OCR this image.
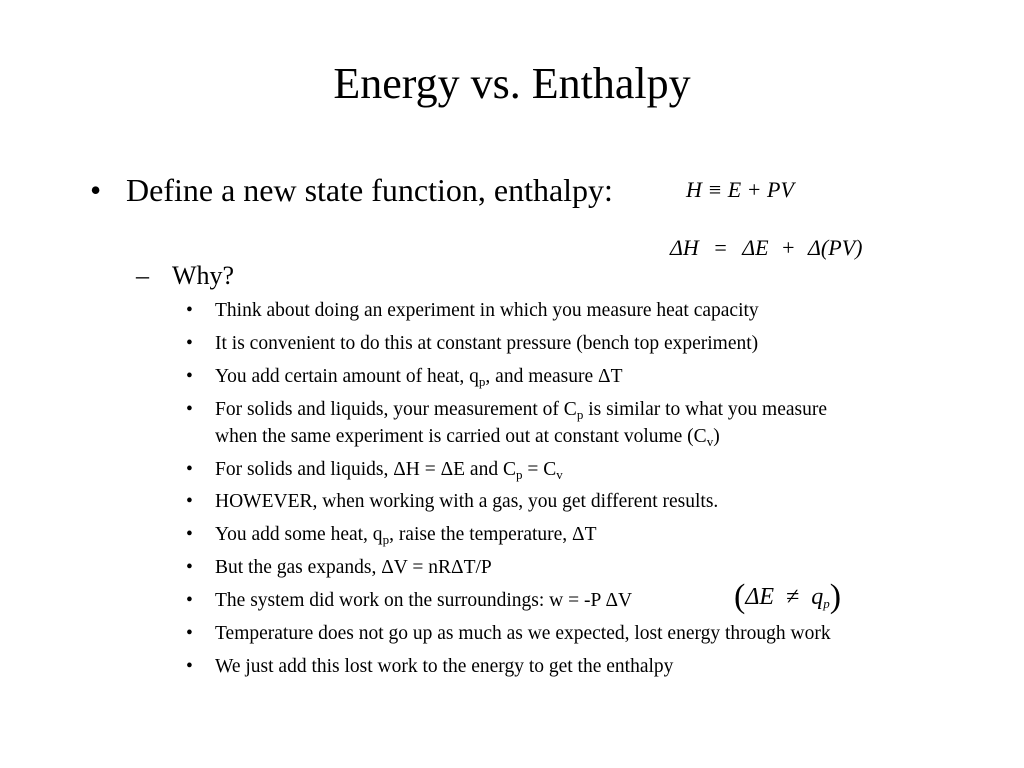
Energy vs. Enthalpy
• Define a new state function, enthalpy:	H ≡ E + PV
ΔH = ΔE + Δ(PV)
– Why?
• Think about doing an experiment in which you measure heat capacity
• It is convenient to do this at constant pressure (bench top experiment)
• You add certain amount of heat, $q_p$, and measure ΔT
• For solids and liquids, your measurement of $C_p$ is similar to what you measure
when the same experiment is carried out at constant volume $(C_v)$
• For solids and liquids, ΔH = ΔE and $C_p = C_v$
• HOWEVER, when working with a gas, you get different results.
• You add some heat, $q_p$, raise the temperature, ΔT
• But the gas expands, ΔV = nRΔT/P
• The system did work on the surroundings: w = -P ΔV
• Temperature does not go up as much as we expected, lost energy through work
• We just add this lost work to the energy to get the enthalpy
$(\Delta E \ne q_p)$
